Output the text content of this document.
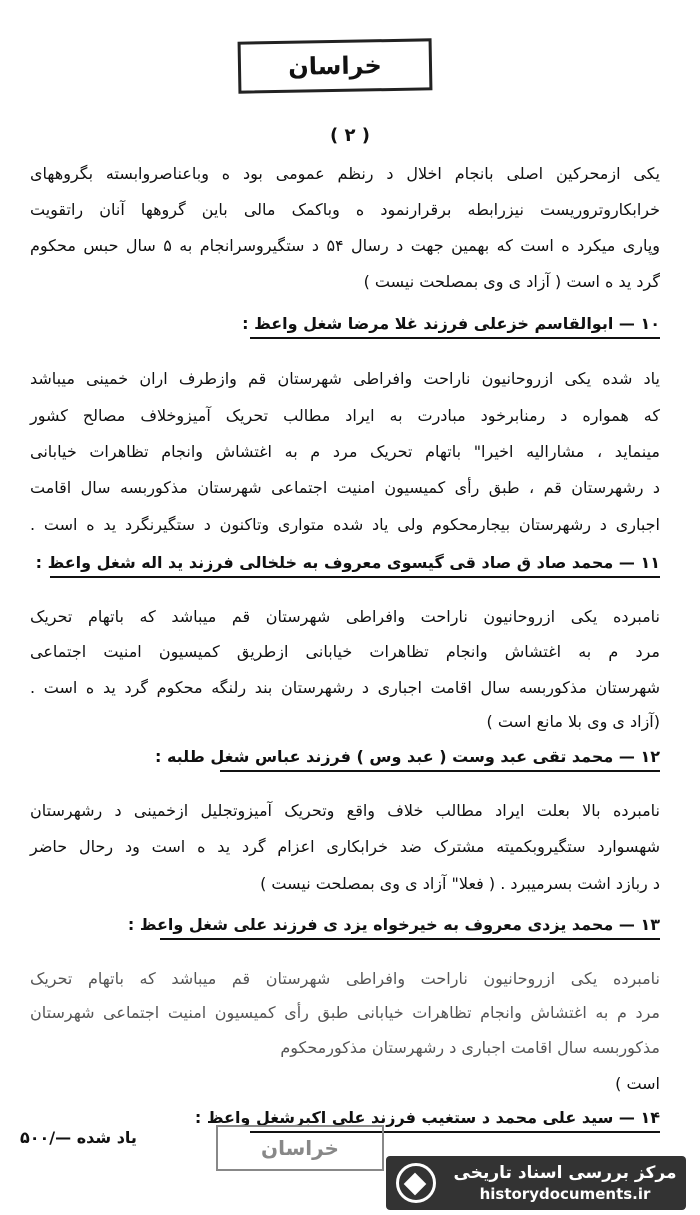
خراسان
( ۲ )
یکی ازمحرکین اصلی بانجام اخلال د رنظم عمومی بود ه وباعناصروابسته بگروههای
خرابکاروتروریست نیزرابطه برقرارنمود ه وباکمک مالی باین گروهها آنان راتقویت
وپاری میکرد ه است که بهمین جهت د رسال ۵۴ د ستگیروسرانجام به ۵ سال حبس محکوم
گرد ید ه است ( آزاد ی وی بمصلحت نیست )
۱۰ — ابوالقاسم خزعلی فرزند غلا مرضا شغل واعظ :
یاد شده یکی ازروحانیون ناراحت وافراطی شهرستان قم وازطرف اران خمینی میباشد
که همواره د رمنابرخود مبادرت به ایراد مطالب تحریک آمیزوخلاف مصالح کشور
مینماید ، مشارالیه اخیرا" باتهام تحریک مرد م به اغتشاش وانجام تظاهرات خیابانی
د رشهرستان قم ، طبق رأی کمیسیون امنیت اجتماعی شهرستان مذکوربسه سال اقامت
اجباری د رشهرستان بیجارمحکوم ولی یاد شده متواری وتاکنون د ستگیرنگرد ید ه است .
۱۱ — محمد صاد ق صاد قی گیسوی معروف به خلخالی فرزند ید اله شغل واعظ :
نامبرده یکی ازروحانیون ناراحت وافراطی شهرستان قم میباشد که باتهام تحریک
مرد م به اغتشاش وانجام تظاهرات خیابانی ازطریق کمیسیون امنیت اجتماعی
شهرستان مذکوربسه سال اقامت اجباری د رشهرستان بند رلنگه محکوم گرد ید ه است .
(آزاد ی وی بلا مانع است )
۱۲ — محمد تقی عبد وست ( عبد وس ) فرزند عباس شغل طلبه :
نامبرده بالا بعلت ایراد مطالب خلاف واقع وتحریک آمیزوتجلیل ازخمینی د رشهرستان
شهسوارد ستگیروبکمیته مشترک ضد خرابکاری اعزام گرد ید ه است ود رحال حاضر
د ربازد اشت بسرمیبرد . ( فعلا" آزاد ی وی بمصلحت نیست )
۱۳ — محمد یزدی معروف به خیرخواه یزد ی فرزند علی شغل واعظ :
نامبرده یکی ازروحانیون ناراحت وافراطی شهرستان قم میباشد که باتهام تحریک
مرد م به اغتشاش وانجام تظاهرات خیابانی طبق رأی کمیسیون امنیت اجتماعی شهرستان
مذکوربسه سال اقامت اجباری د رشهرستان مذکورمحکوم
است )
۱۴ — سید علی محمد د ستغیب فرزند علی اکبرشغل واعظ :
یاد شده —/۵۰۰	خراسان
مرکز بررسی اسناد تاریخی
historydocuments.ir
